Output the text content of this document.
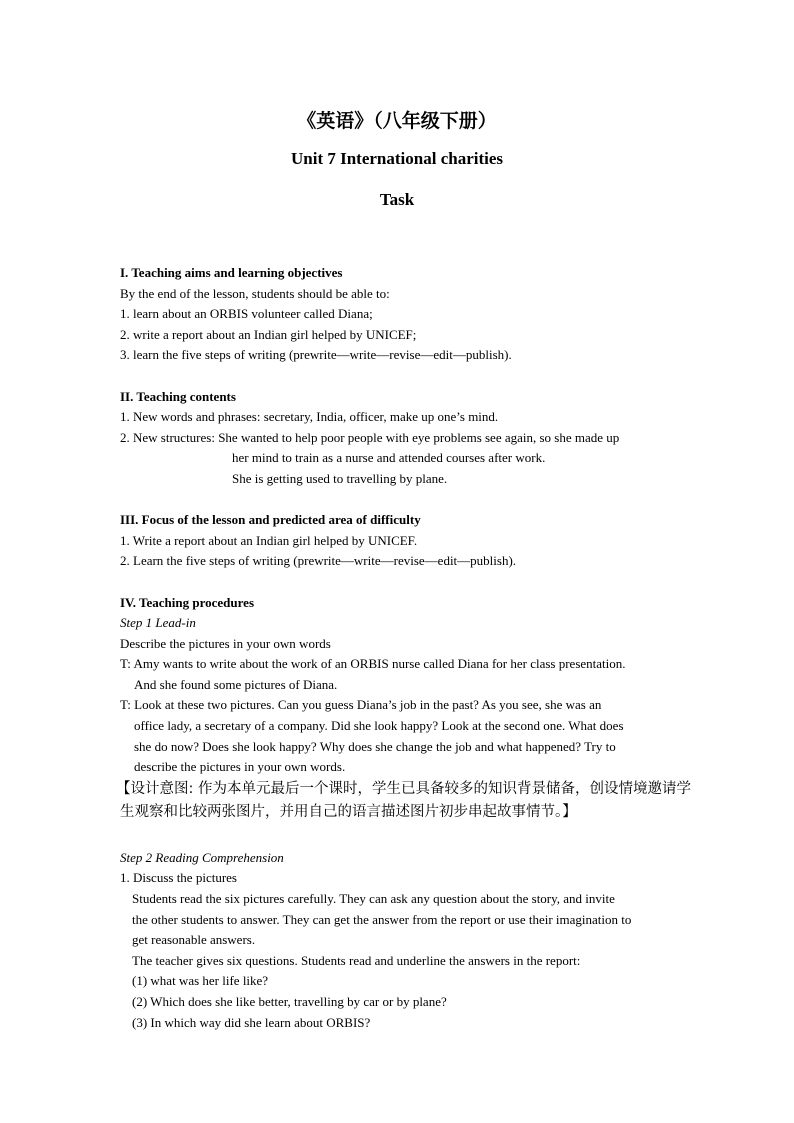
《英语》（八年级下册）
Unit 7 International charities
Task
I. Teaching aims and learning objectives
By the end of the lesson, students should be able to:
1. learn about an ORBIS volunteer called Diana;
2. write a report about an Indian girl helped by UNICEF;
3. learn the five steps of writing (prewrite—write—revise—edit—publish).
II. Teaching contents
1. New words and phrases: secretary, India, officer, make up one’s mind.
2. New structures: She wanted to help poor people with eye problems see again, so she made up
her mind to train as a nurse and attended courses after work.
She is getting used to travelling by plane.
III. Focus of the lesson and predicted area of difficulty
1. Write a report about an Indian girl helped by UNICEF.
2. Learn the five steps of writing (prewrite—write—revise—edit—publish).
IV. Teaching procedures
Step 1 Lead-in
Describe the pictures in your own words
T: Amy wants to write about the work of an ORBIS nurse called Diana for her class presentation.
And she found some pictures of Diana.
T: Look at these two pictures. Can you guess Diana’s job in the past? As you see, she was an
office lady, a secretary of a company. Did she look happy? Look at the second one. What does
she do now? Does she look happy? Why does she change the job and what happened? Try to
describe the pictures in your own words.
【设计意图: 作为本单元最后一个课时，学生已具备较多的知识背景储备，创设情境邀请学
生观察和比较两张图片，并用自己的语言描述图片初步串起故事情节。】
Step 2 Reading Comprehension
1. Discuss the pictures
Students read the six pictures carefully. They can ask any question about the story, and invite
the other students to answer. They can get the answer from the report or use their imagination to
get reasonable answers.
The teacher gives six questions. Students read and underline the answers in the report:
(1) what was her life like?
(2) Which does she like better, travelling by car or by plane?
(3) In which way did she learn about ORBIS?
